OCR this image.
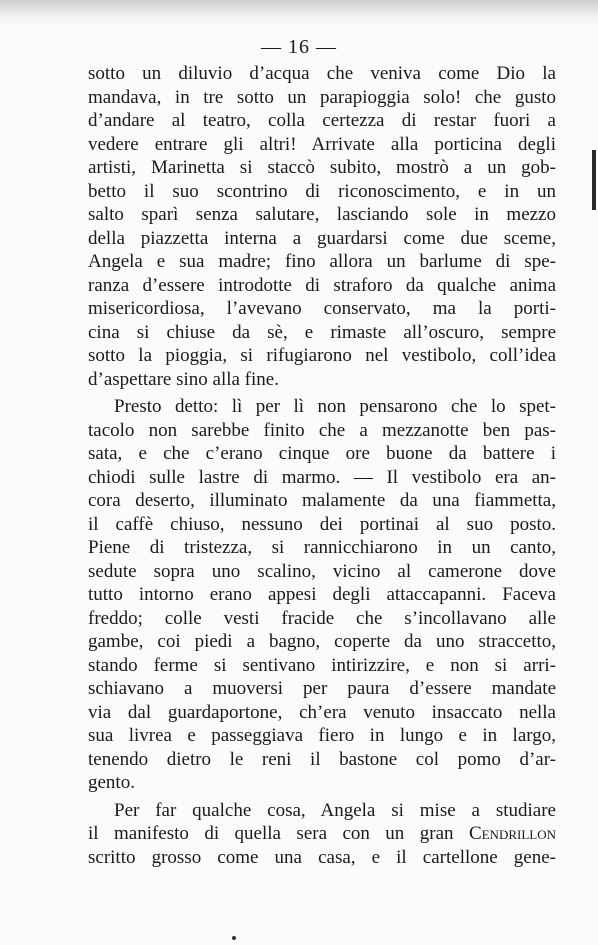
— 16 —
sotto un diluvio d’acqua che veniva come Dio la
mandava, in tre sotto un parapioggia solo! che gusto
d’andare al teatro, colla certezza di restar fuori a
vedere entrare gli altri! Arrivate alla porticina degli
artisti, Marinetta si staccò subito, mostrò a un gob-
betto il suo scontrino di riconoscimento, e in un
salto sparì senza salutare, lasciando sole in mezzo
della piazzetta interna a guardarsi come due sceme,
Angela e sua madre; fino allora un barlume di spe-
ranza d’essere introdotte di straforo da qualche anima
misericordiosa, l’avevano conservato, ma la porti-
cina si chiuse da sè, e rimaste all’oscuro, sempre
sotto la pioggia, si rifugiarono nel vestibolo, coll’idea
d’aspettare sino alla fine.
Presto detto: lì per lì non pensarono che lo spet-
tacolo non sarebbe finito che a mezzanotte ben pas-
sata, e che c’erano cinque ore buone da battere i
chiodi sulle lastre di marmo. — Il vestibolo era an-
cora deserto, illuminato malamente da una fiammetta,
il caffè chiuso, nessuno dei portinai al suo posto.
Piene di tristezza, si rannicchiarono in un canto,
sedute sopra uno scalino, vicino al camerone dove
tutto intorno erano appesi degli attaccapanni. Faceva
freddo; colle vesti fracide che s’incollavano alle
gambe, coi piedi a bagno, coperte da uno straccetto,
stando ferme si sentivano intirizzire, e non si arri-
schiavano a muoversi per paura d’essere mandate
via dal guardaportone, ch’era venuto insaccato nella
sua livrea e passeggiava fiero in lungo e in largo,
tenendo dietro le reni il bastone col pomo d’ar-
gento.
Per far qualche cosa, Angela si mise a studiare
il manifesto di quella sera con un gran Cendrillon
scritto grosso come una casa, e il cartellone gene-
